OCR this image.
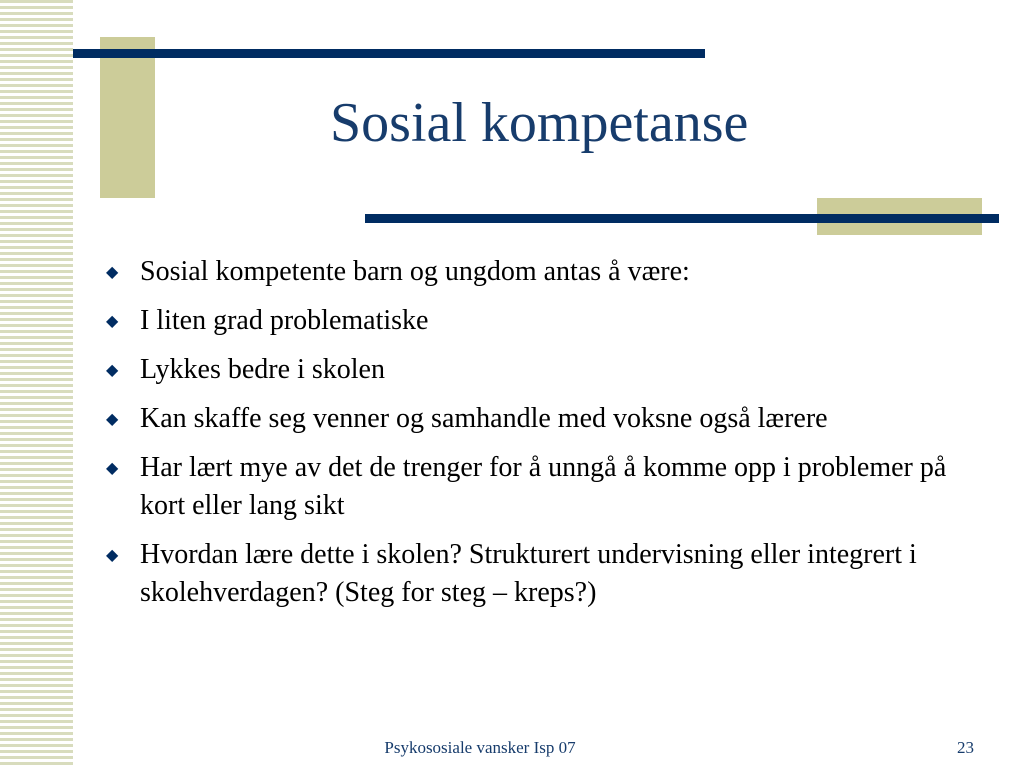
Sosial kompetanse
◆ Sosial kompetente barn og ungdom antas å være:
◆ I liten grad problematiske
◆ Lykkes bedre i skolen
◆ Kan skaffe seg venner og samhandle med voksne også lærere
◆ Har lært mye av det de trenger for å unngå å komme opp i problemer på kort eller lang sikt
◆ Hvordan lære dette i skolen? Strukturert undervisning eller integrert i skolehverdagen? (Steg for steg – kreps?)
Psykososiale vansker Isp 07	23
